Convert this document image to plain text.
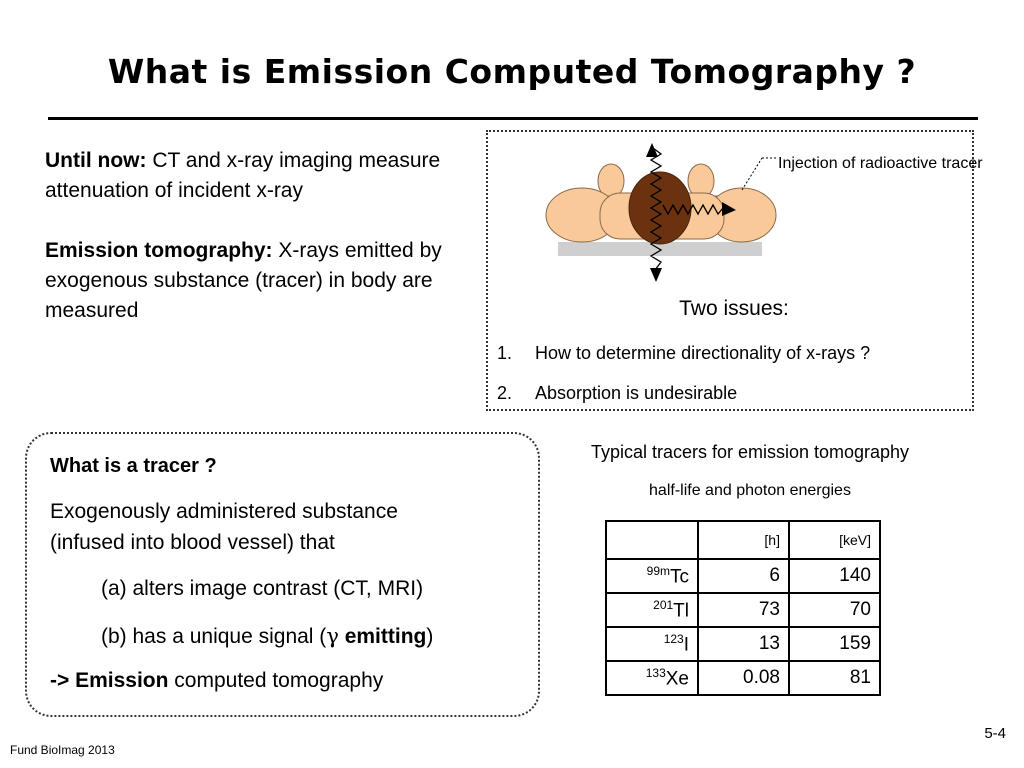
What is Emission Computed Tomography ?

Until now: CT and x-ray imaging measure attenuation of incident x-ray

Emission tomography: X-rays emitted by exogenous substance (tracer) in body are measured

Injection of radioactive tracer
Two issues:
1. How to determine directionality of x-rays ?
2. Absorption is undesirable
What is a tracer ?
Exogenously administered substance
(infused into blood vessel) that
(a) alters image contrast (CT, MRI)
(b) has a unique signal (γ emitting)
-> Emission computed tomography
Typical tracers for emission tomography
half-life and photon energies
	[h]	[keV]
$^{99m}$Tc	6	140
$^{201}$Tl	73	70
$^{123}$I	13	159
$^{133}$Xe	0.08	81
Fund BioImag 2013
5-4
